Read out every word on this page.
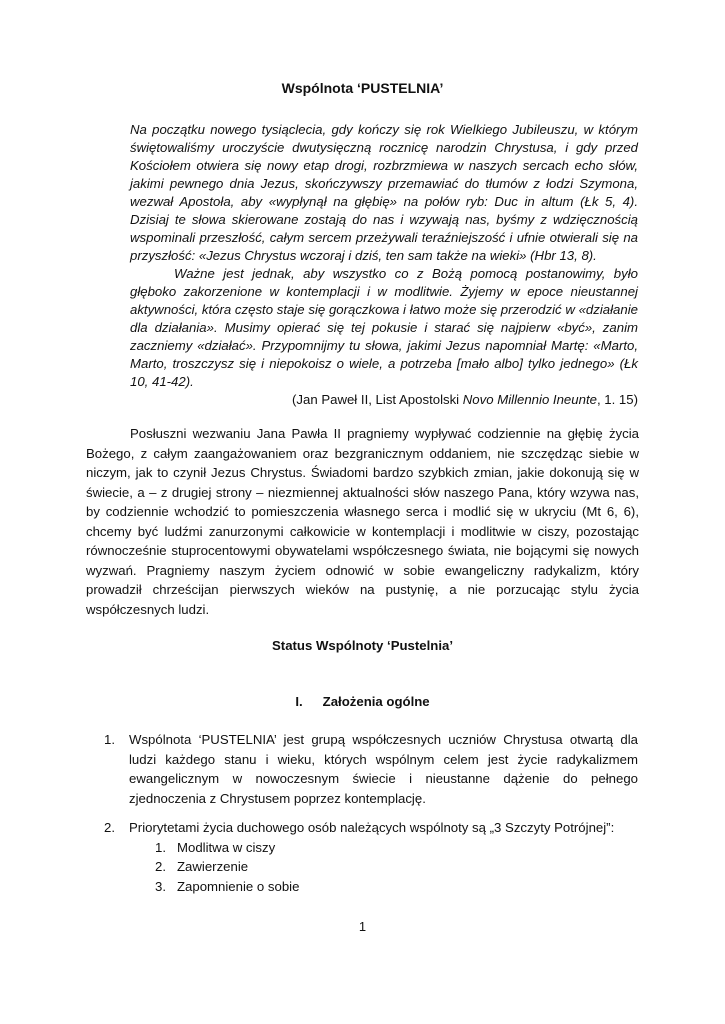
Wspólnota ‘PUSTELNIA’

Na początku nowego tysiąclecia, gdy kończy się rok Wielkiego Jubileuszu, w którym świętowaliśmy uroczyście dwutysięczną rocznicę narodzin Chrystusa, i gdy przed Kościołem otwiera się nowy etap drogi, rozbrzmiewa w naszych sercach echo słów, jakimi pewnego dnia Jezus, skończywszy przemawiać do tłumów z łodzi Szymona, wezwał Apostoła, aby «wypłynął na głębię» na połów ryb: Duc in altum (Łk 5, 4). Dzisiaj te słowa skierowane zostają do nas i wzywają nas, byśmy z wdzięcznością wspominali przeszłość, całym sercem przeżywali teraźniejszość i ufnie otwierali się na przyszłość: «Jezus Chrystus wczoraj i dziś, ten sam także na wieki» (Hbr 13, 8).

Ważne jest jednak, aby wszystko co z Bożą pomocą postanowimy, było głęboko zakorzenione w kontemplacji i w modlitwie. Żyjemy w epoce nieustannej aktywności, która często staje się gorączkowa i łatwo może się przerodzić w «działanie dla działania». Musimy opierać się tej pokusie i starać się najpierw «być», zanim zaczniemy «działać». Przypomnijmy tu słowa, jakimi Jezus napomniał Martę: «Marto, Marto, troszczysz się i niepokoisz o wiele, a potrzeba [mało albo] tylko jednego» (Łk 10, 41-42).

(Jan Paweł II, List Apostolski Novo Millennio Ineunte, 1. 15)

Posłuszni wezwaniu Jana Pawła II pragniemy wypływać codziennie na głębię życia Bożego, z całym zaangażowaniem oraz bezgranicznym oddaniem, nie szczędząc siebie w niczym, jak to czynił Jezus Chrystus. Świadomi bardzo szybkich zmian, jakie dokonują się w świecie, a – z drugiej strony – niezmiennej aktualności słów naszego Pana, który wzywa nas, by codziennie wchodzić to pomieszczenia własnego serca i modlić się w ukryciu (Mt 6, 6), chcemy być ludźmi zanurzonymi całkowicie w kontemplacji i modlitwie w ciszy, pozostając równocześnie stuprocentowymi obywatelami współczesnego świata, nie bojącymi się nowych wyzwań. Pragniemy naszym życiem odnowić w sobie ewangeliczny radykalizm, który prowadził chrześcijan pierwszych wieków na pustynię, a nie porzucając stylu życia współczesnych ludzi.

Status Wspólnoty ‘Pustelnia’
I. Założenia ogólne
1. Wspólnota ‘PUSTELNIA’ jest grupą współczesnych uczniów Chrystusa otwartą dla ludzi każdego stanu i wieku, których wspólnym celem jest życie radykalizmem ewangelicznym w nowoczesnym świecie i nieustanne dążenie do pełnego zjednoczenia z Chrystusem poprzez kontemplację.
2. Priorytetami życia duchowego osób należących wspólnoty są „3 Szczyty Potrójnej”:
1. Modlitwa w ciszy
2. Zawierzenie
3. Zapomnienie o sobie
1
